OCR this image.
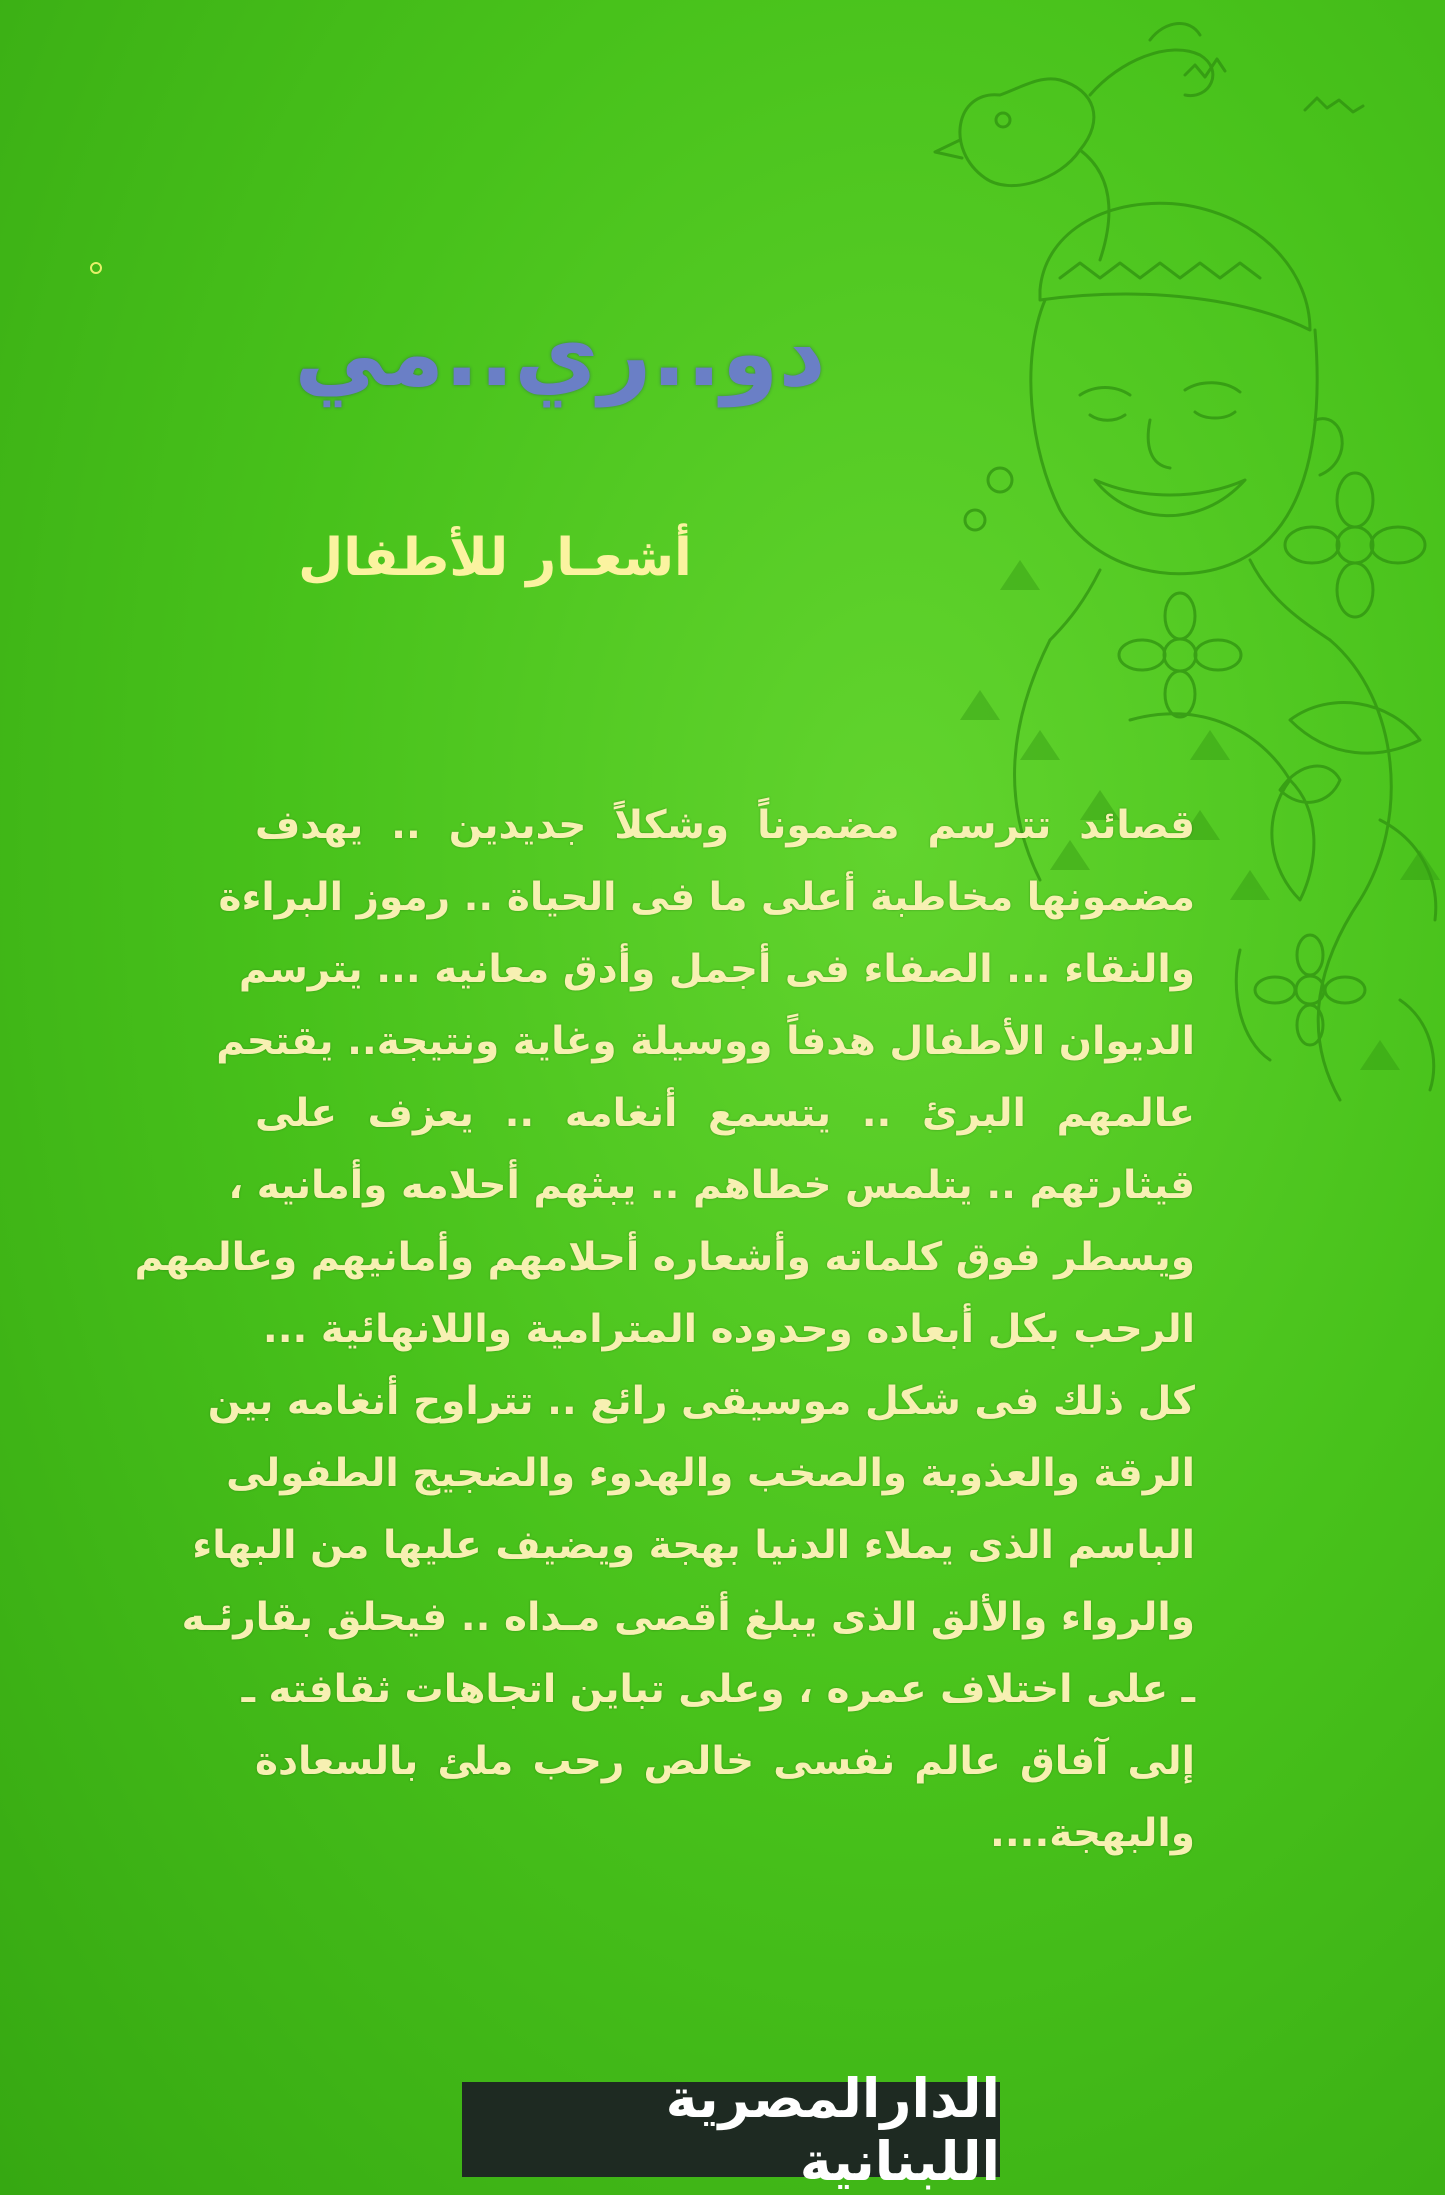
دو..ري..مي
أشعـار للأطفال
قصائد تترسم مضموناً وشكلاً جديدين .. يهدف
مضمونها مخاطبة أعلى ما فى الحياة .. رموز البراءة
والنقاء ... الصفاء فى أجمل وأدق معانيه ... يترسم
الديوان الأطفال هدفاً ووسيلة وغاية ونتيجة.. يقتحم
عالمهم البرئ .. يتسمع أنغامه .. يعزف على
قيثارتهم .. يتلمس خطاهم .. يبثهم أحلامه وأمانيه ،
ويسطر فوق كلماته وأشعاره أحلامهم وأمانيهم وعالمهم
الرحب بكل أبعاده وحدوده المترامية واللانهائية ...
كل ذلك فى شكل موسيقى رائع .. تتراوح أنغامه بين
الرقة والعذوبة والصخب والهدوء والضجيج الطفولى
الباسم الذى يملاء الدنيا بهجة ويضيف عليها من البهاء
والرواء والألق الذى يبلغ أقصى مـداه .. فيحلق بقارئـه
ـ على اختلاف عمره ، وعلى تباين اتجاهات ثقافته ـ
إلى آفاق عالم نفسى خالص رحب ملئ بالسعادة
والبهجة....
الدارالمصرية اللبنانية
